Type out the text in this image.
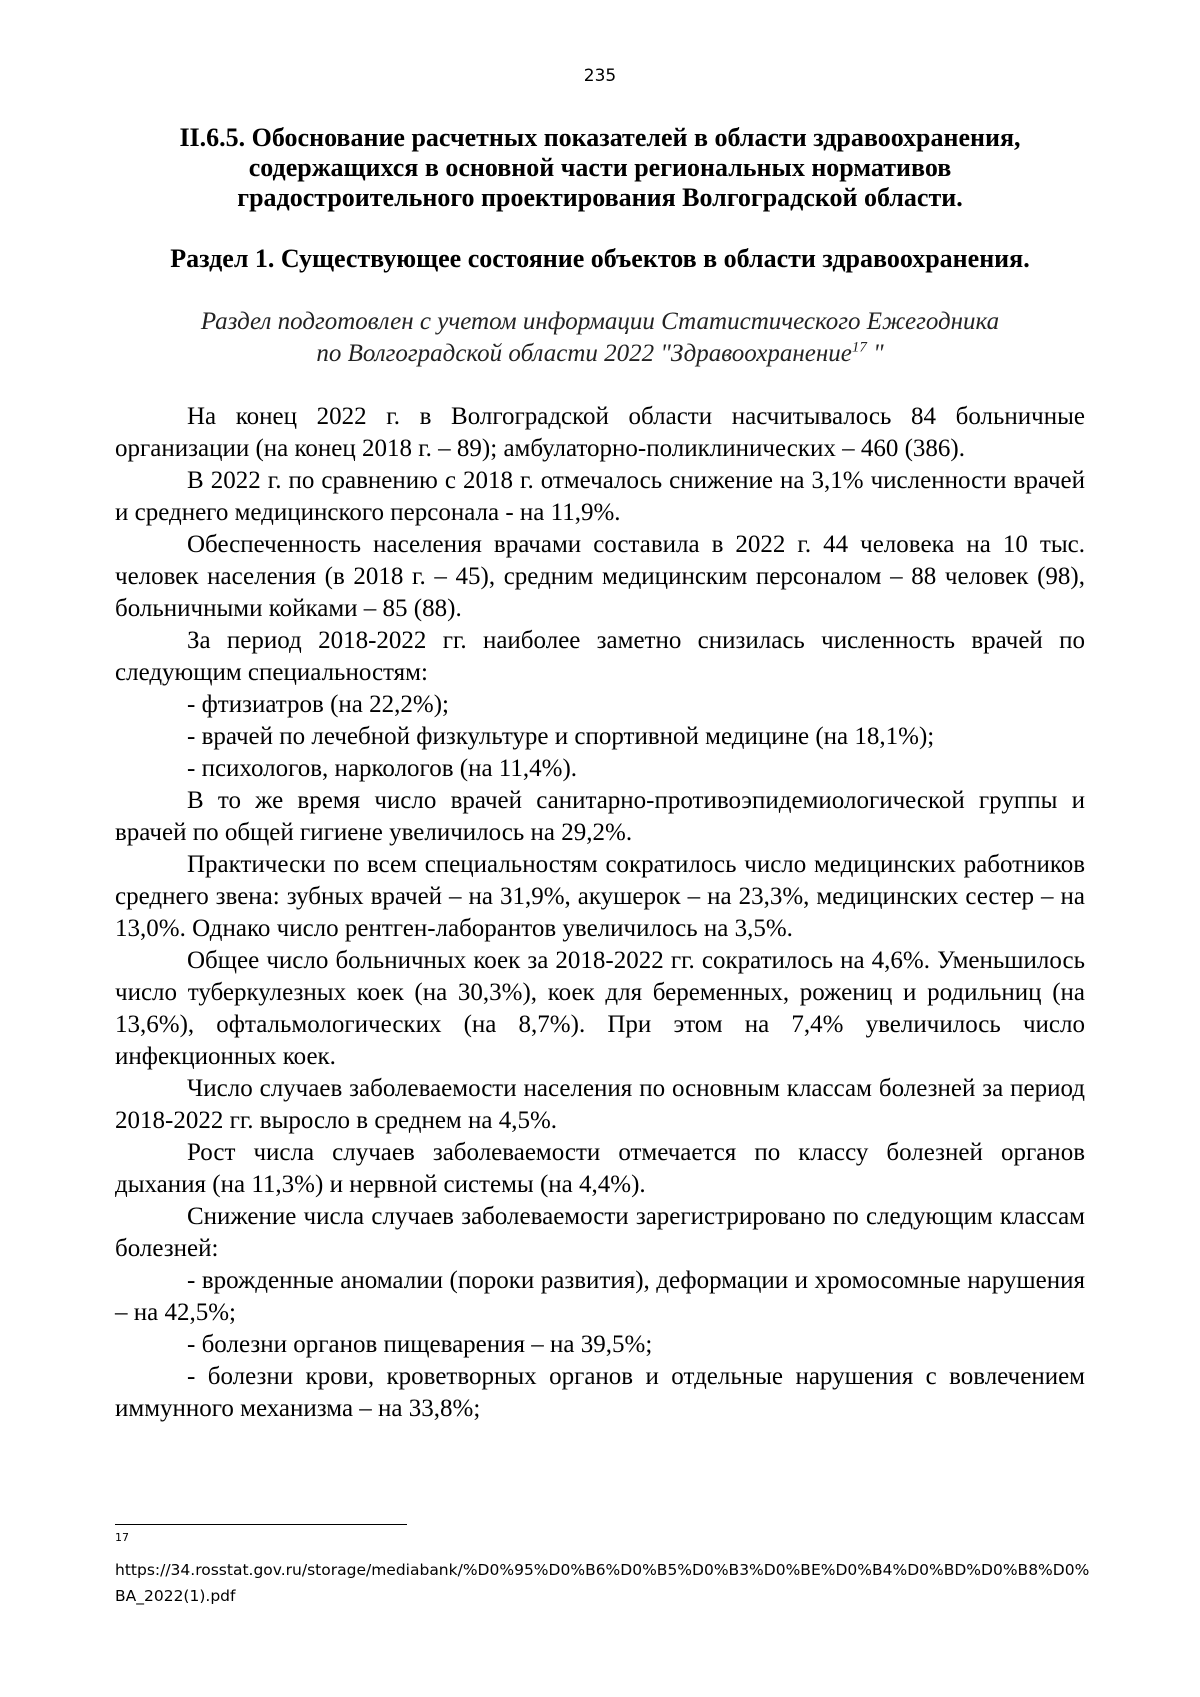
235
II.6.5. Обоснование расчетных показателей в области здравоохранения, содержащихся в основной части региональных нормативов градостроительного проектирования Волгоградской области.
Раздел 1. Существующее состояние объектов в области здравоохранения.
Раздел подготовлен с учетом информации Статистического Ежегодника
по Волгоградской области 2022 "Здравоохранение$^{17}$ "

На конец 2022 г. в Волгоградской области насчитывалось 84 больничные организации (на конец 2018 г. – 89); амбулаторно-поликлинических – 460 (386).

В 2022 г. по сравнению с 2018 г. отмечалось снижение на 3,1% численности врачей и среднего медицинского персонала - на 11,9%.

Обеспеченность населения врачами составила в 2022 г. 44 человека на 10 тыс. человек населения (в 2018 г. – 45), средним медицинским персоналом – 88 человек (98), больничными койками – 85 (88).

За период 2018-2022 гг. наиболее заметно снизилась численность врачей по следующим специальностям:

- фтизиатров (на 22,2%);

- врачей по лечебной физкультуре и спортивной медицине (на 18,1%);

- психологов, наркологов (на 11,4%).

В то же время число врачей санитарно-противоэпидемиологической группы и врачей по общей гигиене увеличилось на 29,2%.

Практически по всем специальностям сократилось число медицинских работников среднего звена: зубных врачей – на 31,9%, акушерок – на 23,3%, медицинских сестер – на 13,0%. Однако число рентген-лаборантов увеличилось на 3,5%.

Общее число больничных коек за 2018-2022 гг. сократилось на 4,6%. Уменьшилось число туберкулезных коек (на 30,3%), коек для беременных, рожениц и родильниц (на 13,6%), офтальмологических (на 8,7%). При этом на 7,4% увеличилось число инфекционных коек.

Число случаев заболеваемости населения по основным классам болезней за период 2018-2022 гг. выросло в среднем на 4,5%.

Рост числа случаев заболеваемости отмечается по классу болезней органов дыхания (на 11,3%) и нервной системы (на 4,4%).

Снижение числа случаев заболеваемости зарегистрировано по следующим классам болезней:

- врожденные аномалии (пороки развития), деформации и хромосомные нарушения – на 42,5%;

- болезни органов пищеварения – на 39,5%;

- болезни крови, кроветворных органов и отдельные нарушения с вовлечением иммунного механизма – на 33,8%;

17
https://34.rosstat.gov.ru/storage/mediabank/%D0%95%D0%B6%D0%B5%D0%B3%D0%BE%D0%B4%D0%BD%D0%B8%D0%BA_2022(1).pdf
